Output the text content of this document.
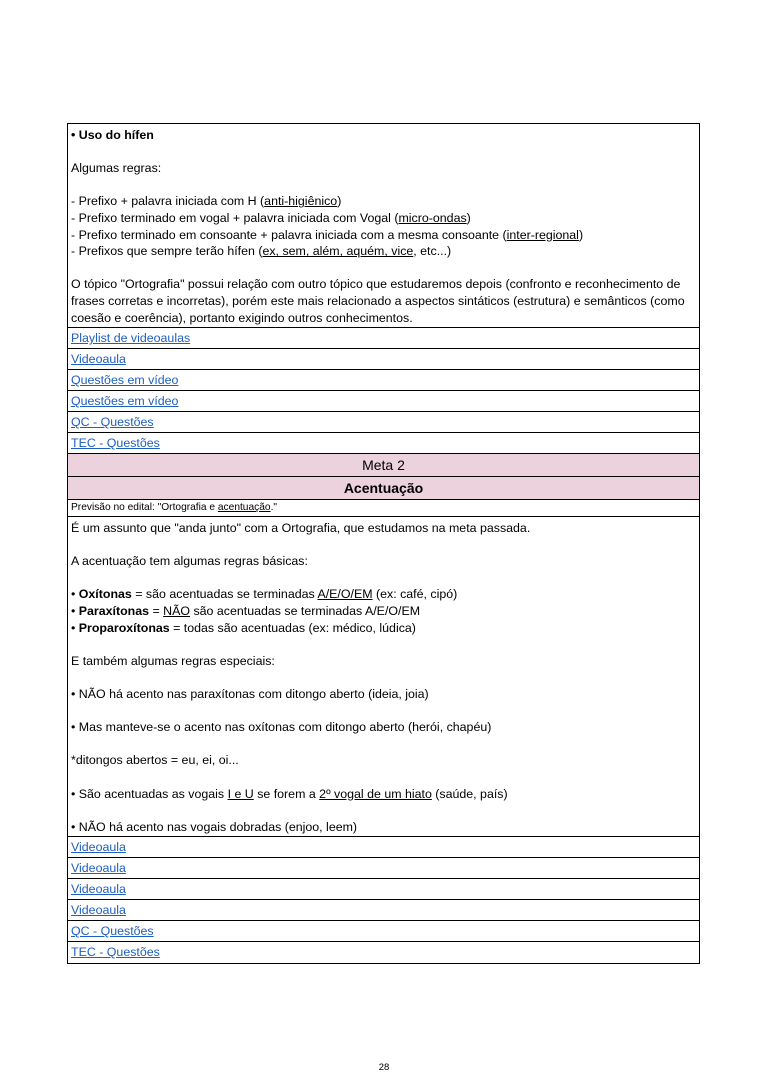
• Uso do hífen

Algumas regras:

- Prefixo + palavra iniciada com H (anti-higiênico)

- Prefixo terminado em vogal + palavra iniciada com Vogal (micro-ondas)

- Prefixo terminado em consoante + palavra iniciada com a mesma consoante (inter-regional)

- Prefixos que sempre terão hífen (ex, sem, além, aquém, vice, etc...)

O tópico "Ortografia" possui relação com outro tópico que estudaremos depois (confronto e reconhecimento de frases corretas e incorretas), porém este mais relacionado a aspectos sintáticos (estrutura) e semânticos (como coesão e coerência), portanto exigindo outros conhecimentos.

Playlist de videoaulas
Videoaula
Questões em vídeo
Questões em vídeo
QC - Questões
TEC - Questões
Meta 2
Acentuação
Previsão no edital: "Ortografia e acentuação."

É um assunto que "anda junto" com a Ortografia, que estudamos na meta passada.

A acentuação tem algumas regras básicas:

• Oxítonas = são acentuadas se terminadas A/E/O/EM (ex: café, cipó)

• Paraxítonas = NÃO são acentuadas se terminadas A/E/O/EM

• Proparoxítonas = todas são acentuadas (ex: médico, lúdica)

E também algumas regras especiais:

• NÃO há acento nas paraxítonas com ditongo aberto (ideia, joia)

• Mas manteve-se o acento nas oxítonas com ditongo aberto (herói, chapéu)

*ditongos abertos = eu, ei, oi...

• São acentuadas as vogais I e U se forem a 2º vogal de um hiato (saúde, país)

• NÃO há acento nas vogais dobradas (enjoo, leem)

Videoaula
Videoaula
Videoaula
Videoaula
QC - Questões
TEC - Questões
28
